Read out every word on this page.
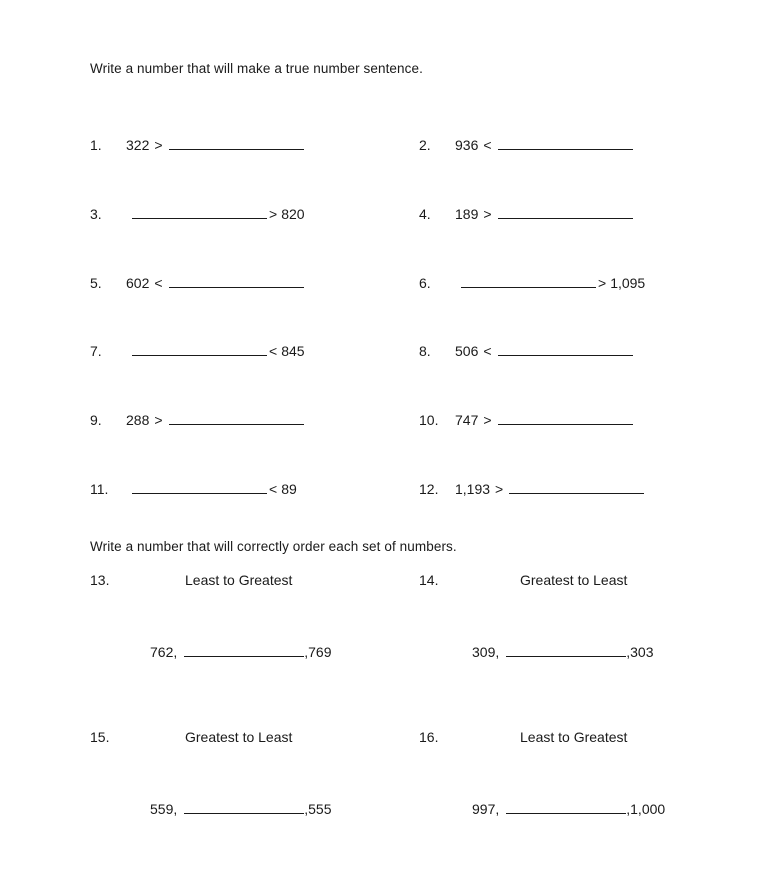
Write a number that will make a true number sentence.
1.	322 >	2.	936 <
3.	> 820	4.	189 >
5.	602 <	6.	> 1,095
7.	< 845	8.	506 <
9.	288 >	10.	747 >
11.	< 89	12.	1,193 >
Write a number that will correctly order each set of numbers.
13.	Least to Greatest
762,	,769
14.	Greatest to Least
309,	,303
15.	Greatest to Least
559,	,555
16.	Least to Greatest
997,	,1,000
